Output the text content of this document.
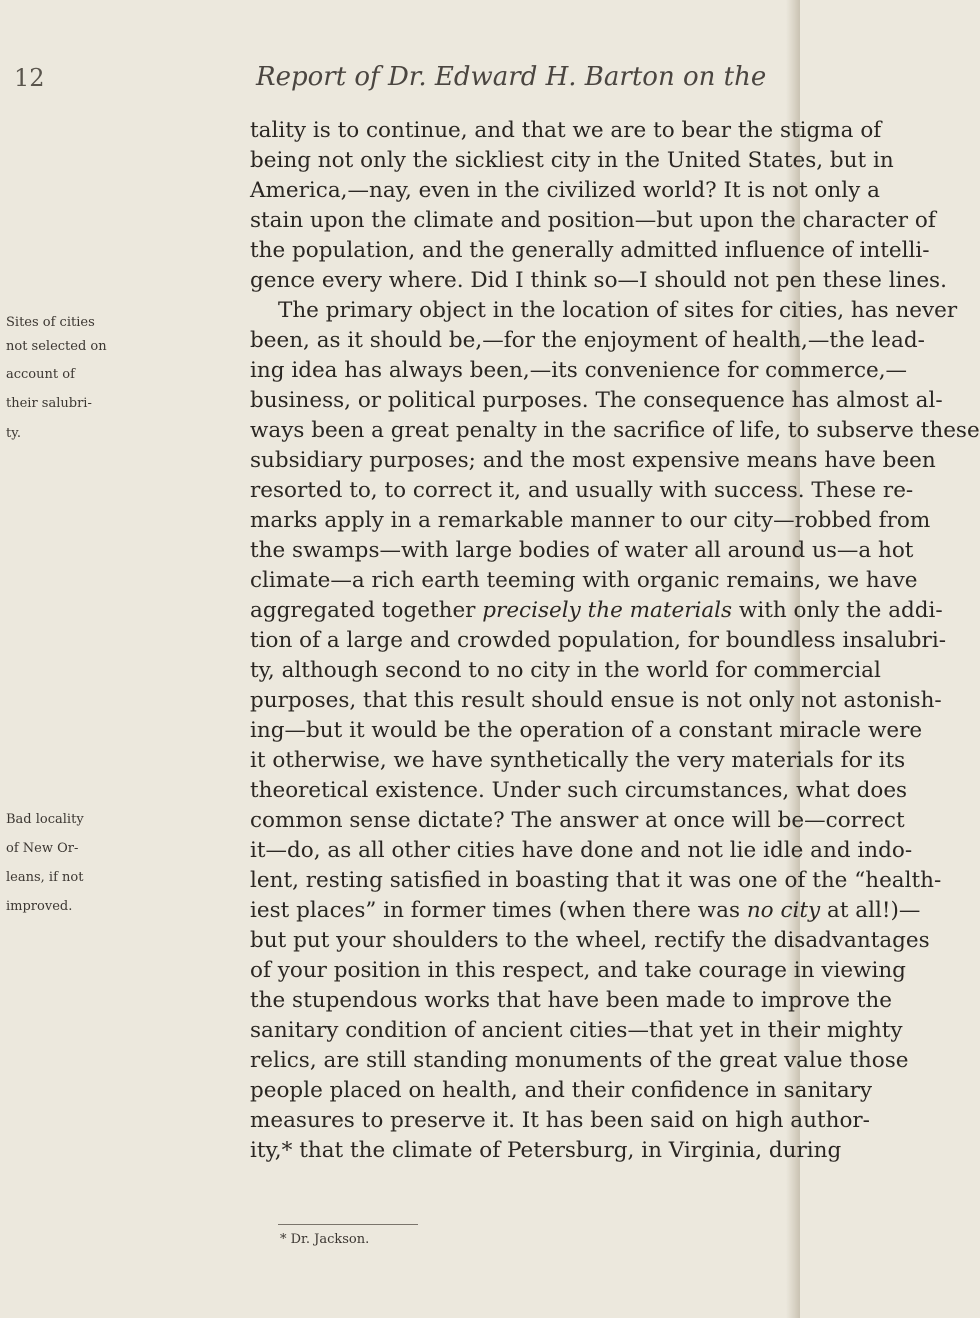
12	Report of Dr. Edward H. Barton on the
tality is to continue, and that we are to bear the stigma of
being not only the sickliest city in the United States, but in
America,—nay, even in the civilized world? It is not only a
stain upon the climate and position—but upon the character of
the population, and the generally admitted influence of intelli-
gence every where. Did I think so—I should not pen these lines.
The primary object in the location of sites for cities, has never
been, as it should be,—for the enjoyment of health,—the lead-
ing idea has always been,—its convenience for commerce,—
business, or political purposes. The consequence has almost al-
ways been a great penalty in the sacrifice of life, to subserve these
subsidiary purposes; and the most expensive means have been
resorted to, to correct it, and usually with success. These re-
marks apply in a remarkable manner to our city—robbed from
the swamps—with large bodies of water all around us—a hot
climate—a rich earth teeming with organic remains, we have
aggregated together precisely the materials with only the addi-
tion of a large and crowded population, for boundless insalubri-
ty, although second to no city in the world for commercial
purposes, that this result should ensue is not only not astonish-
ing—but it would be the operation of a constant miracle were
it otherwise, we have synthetically the very materials for its
theoretical existence. Under such circumstances, what does
common sense dictate? The answer at once will be—correct
it—do, as all other cities have done and not lie idle and indo-
lent, resting satisfied in boasting that it was one of the “health-
iest places” in former times (when there was no city at all!)—
but put your shoulders to the wheel, rectify the disadvantages
of your position in this respect, and take courage in viewing
the stupendous works that have been made to improve the
sanitary condition of ancient cities—that yet in their mighty
relics, are still standing monuments of the great value those
people placed on health, and their confidence in sanitary
measures to preserve it. It has been said on high author-
ity,* that the climate of Petersburg, in Virginia, during
Sites of cities
not selected on
account of
their salubri-
ty.
Bad locality
of New Or-
leans, if not
improved.
* Dr. Jackson.
